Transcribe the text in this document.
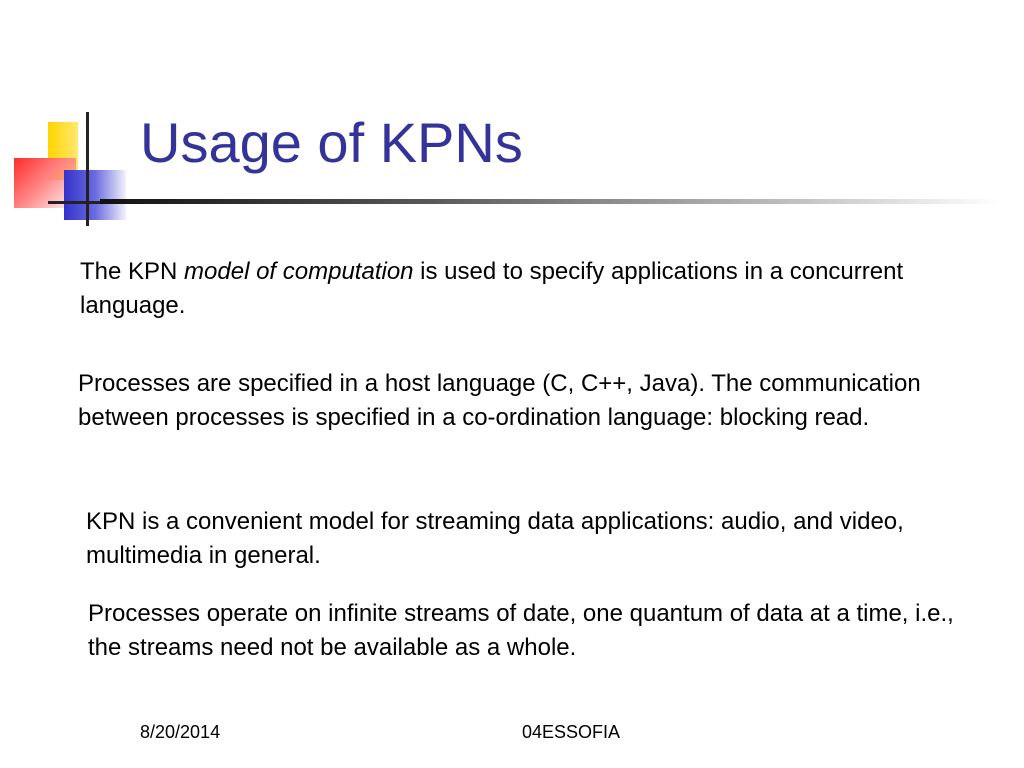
Usage of KPNs

The KPN model of computation is used to specify applications in a concurrent language.

Processes are specified in a host language (C, C++, Java). The communication between processes is specified in a co-ordination language: blocking read.

KPN is a convenient model for streaming data applications: audio, and video, multimedia in general.

Processes operate on infinite streams of date, one quantum of data at a time, i.e., the streams need not be available as a whole.

8/20/2014	04ESSOFIA
